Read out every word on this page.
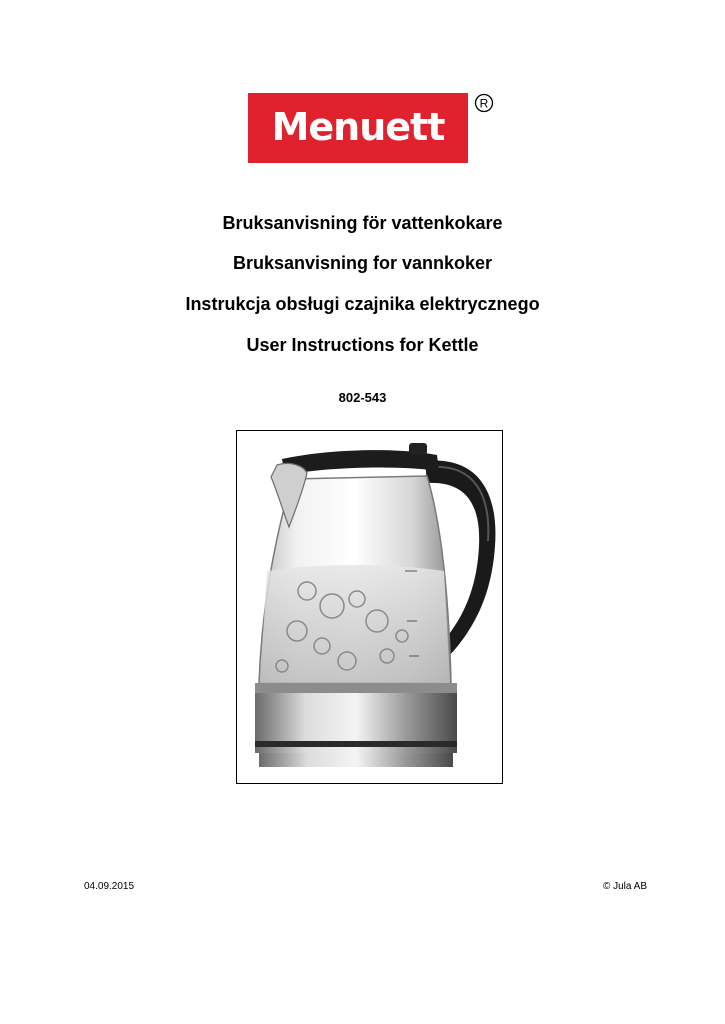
Menuett
R
Bruksanvisning för vattenkokare
Bruksanvisning for vannkoker
Instrukcja obsługi czajnika elektrycznego
User Instructions for Kettle
802-543
04.09.2015	© Jula AB
